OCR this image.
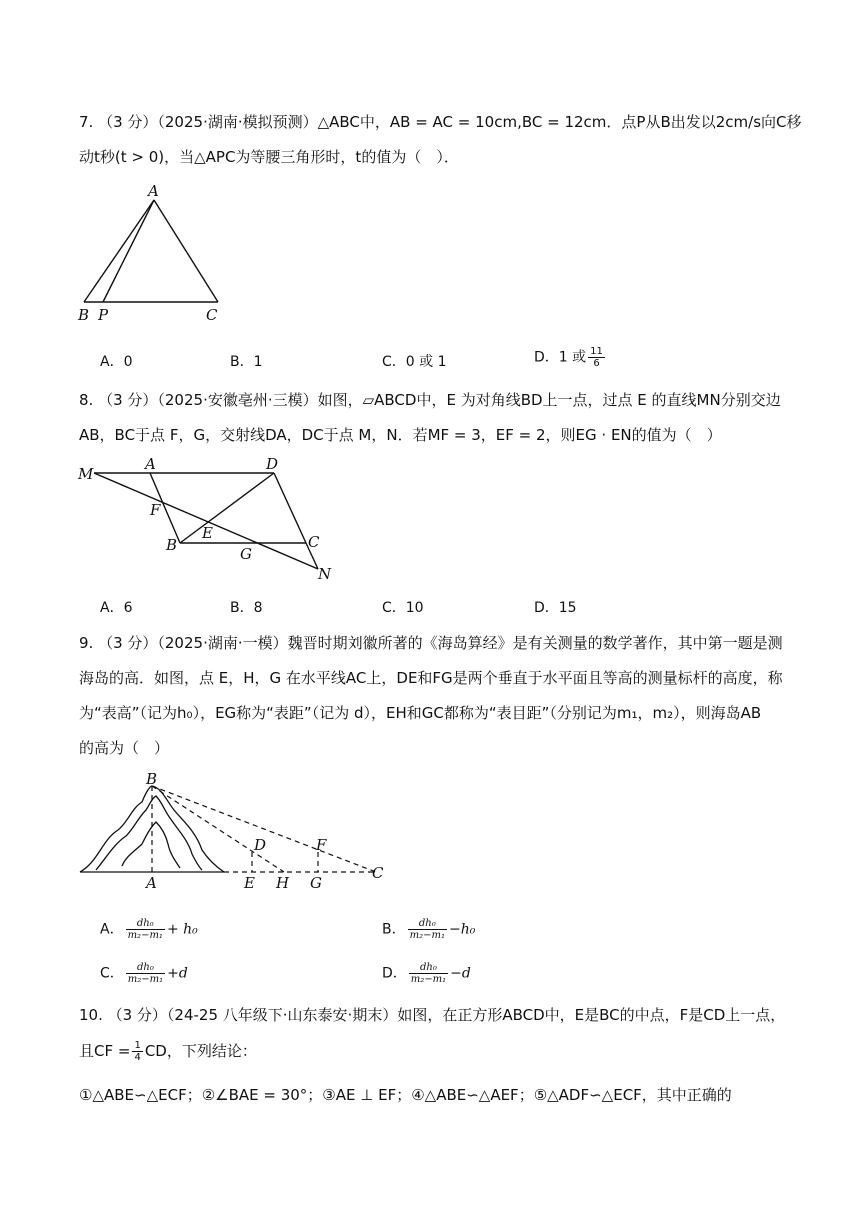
7. （3 分）（2025·湖南·模拟预测）△ABC中，AB = AC = 10cm,BC = 12cm．点P从B出发以2cm/s向C移
动t秒(t > 0)，当△APC为等腰三角形时，t的值为（　）．
A
B P	C
A．0	B．1	C．0 或 1	D．1 或 $\frac{11}{6}$
8. （3 分）（2025·安徽亳州·三模）如图，▱ABCD中，E 为对角线BD上一点，过点 E 的直线MN分别交边
AB，BC于点 F，G，交射线DA，DC于点 M，N．若MF = 3，EF = 2，则EG · EN的值为（　）
M
A	D
F
E
B	G
C
N
A．6	B．8	C．10	D．15
9. （3 分）（2025·湖南·一模）魏晋时期刘徽所著的《海岛算经》是有关测量的数学著作，其中第一题是测
海岛的高．如图，点 E，H，G 在水平线AC上，DE和FG是两个垂直于水平面且等高的测量标杆的高度，称
为“表高”（记为h₀），EG称为“表距”（记为 d），EH和GC都称为“表目距”（分别记为m₁，m₂），则海岛AB
的高为（　）
B
D	F
C
A	E H G
A． $\frac{\text{dh₀}}{\text{m₂−m₁}} + h_0$	B． $\frac{\text{dh₀}}{\text{m₂−m₁}} -h_0$
C． $\frac{\text{dh₀}}{\text{m₂−m₁}} +d$	D． $\frac{\text{dh₀}}{\text{m₂−m₁}} -d$
10. （3 分）（24-25 八年级下·山东泰安·期末）如图，在正方形ABCD中，E是BC的中点，F是CD上一点，
且CF = $\frac{1}{4}$ CD，下列结论：
①△ABE∽△ECF；②∠BAE = 30°；③AE ⊥ EF；④△ABE∽△AEF；⑤△ADF∽△ECF，其中正确的
